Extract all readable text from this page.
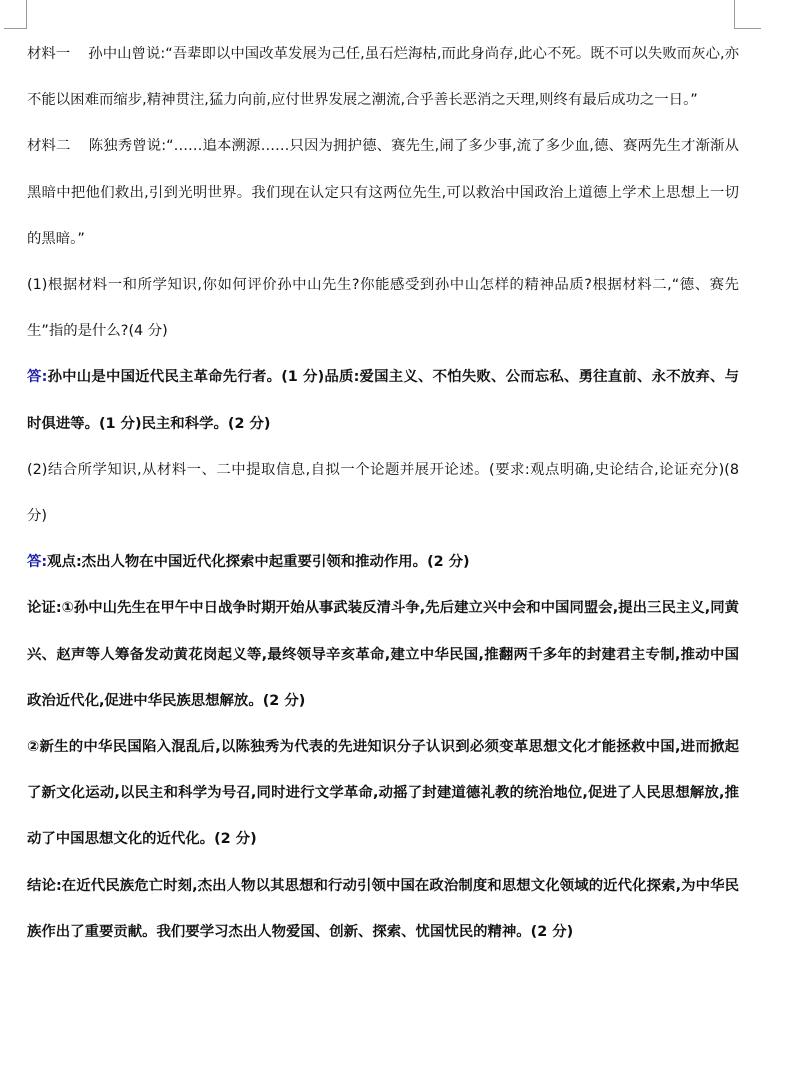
材料一 孙中山曾说:“吾辈即以中国改革发展为己任,虽石烂海枯,而此身尚存,此心不死。既不可以失败而灰心,亦不能以困难而缩步,精神贯注,猛力向前,应付世界发展之潮流,合乎善长恶消之天理,则终有最后成功之一日。”

材料二 陈独秀曾说:“……追本溯源……只因为拥护德、赛先生,闹了多少事,流了多少血,德、赛两先生才渐渐从黑暗中把他们救出,引到光明世界。我们现在认定只有这两位先生,可以救治中国政治上道德上学术上思想上一切的黑暗。”

(1)根据材料一和所学知识,你如何评价孙中山先生?你能感受到孙中山怎样的精神品质?根据材料二,“德、赛先生”指的是什么?(4 分)

答:孙中山是中国近代民主革命先行者。(1 分)品质:爱国主义、不怕失败、公而忘私、勇往直前、永不放弃、与时俱进等。(1 分)民主和科学。(2 分)

(2)结合所学知识,从材料一、二中提取信息,自拟一个论题并展开论述。(要求:观点明确,史论结合,论证充分)(8 分)

答:观点:杰出人物在中国近代化探索中起重要引领和推动作用。(2 分)

论证:①孙中山先生在甲午中日战争时期开始从事武装反清斗争,先后建立兴中会和中国同盟会,提出三民主义,同黄兴、赵声等人筹备发动黄花岗起义等,最终领导辛亥革命,建立中华民国,推翻两千多年的封建君主专制,推动中国政治近代化,促进中华民族思想解放。(2 分)

②新生的中华民国陷入混乱后,以陈独秀为代表的先进知识分子认识到必须变革思想文化才能拯救中国,进而掀起了新文化运动,以民主和科学为号召,同时进行文学革命,动摇了封建道德礼教的统治地位,促进了人民思想解放,推动了中国思想文化的近代化。(2 分)

结论:在近代民族危亡时刻,杰出人物以其思想和行动引领中国在政治制度和思想文化领域的近代化探索,为中华民族作出了重要贡献。我们要学习杰出人物爱国、创新、探索、忧国忧民的精神。(2 分)
